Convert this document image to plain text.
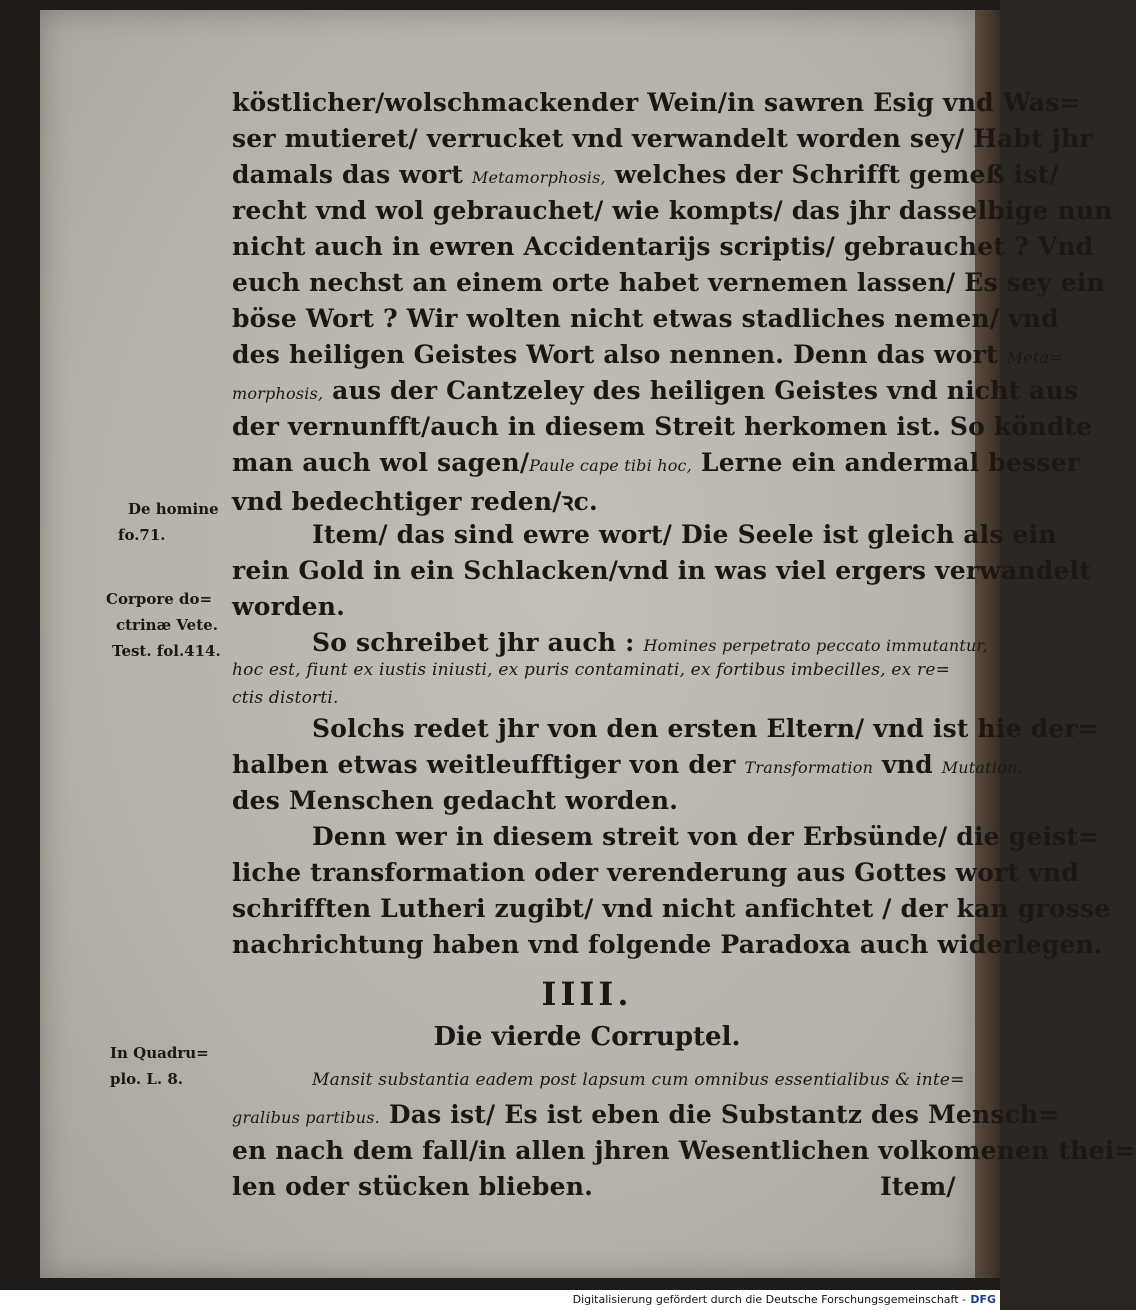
köstlicher/wolschmackender Wein/in sawren Esig vnd Was=
ser mutieret/ verrucket vnd verwandelt worden sey/ Habt jhr
damals das wort Metamorphosis, welches der Schrifft gemeß ist/
recht vnd wol gebrauchet/ wie kompts/ das jhr dasselbige nun
nicht auch in ewren Accidentarijs scriptis/ gebrauchet ? Vnd
euch nechst an einem orte habet vernemen lassen/ Es sey ein
böse Wort ? Wir wolten nicht etwas stadliches nemen/ vnd
des heiligen Geistes Wort also nennen. Denn das wort Meta=
morphosis, aus der Cantzeley des heiligen Geistes vnd nicht aus
der vernunfft/auch in diesem Streit herkomen ist. So köndte
man auch wol sagen/Paule cape tibi hoc, Lerne ein andermal besser
vnd bedechtiger reden/ꝛc.
Item/ das sind ewre wort/ Die Seele ist gleich als ein
rein Gold in ein Schlacken/vnd in was viel ergers verwandelt
worden.
So schreibet jhr auch : Homines perpetrato peccato immutantur,
hoc est, fiunt ex iustis iniusti, ex puris contaminati, ex fortibus imbecilles, ex re=
ctis distorti.
Solchs redet jhr von den ersten Eltern/ vnd ist hie der=
halben etwas weitleufftiger von der Transformation vnd Mutation,
des Menschen gedacht worden.
Denn wer in diesem streit von der Erbsünde/ die geist=
liche transformation oder verenderung aus Gottes wort vnd
schrifften Lutheri zugibt/ vnd nicht anfichtet / der kan grosse
nachrichtung haben vnd folgende Paradoxa auch widerlegen.
IIII.
Die vierde Corruptel.
Mansit substantia eadem post lapsum cum omnibus essentialibus & inte=
gralibus partibus. Das ist/ Es ist eben die Substantz des Mensch=
en nach dem fall/in allen jhren Wesentlichen volkomenen thei=
len oder stücken blieben.	Item/
De homine
fo.71.
Corpore do=
ctrinæ Vete.
Test. fol.414.
In Quadru=
plo. L. 8.
Digitalisierung gefördert durch die Deutsche Forschungsgemeinschaft - DFG
